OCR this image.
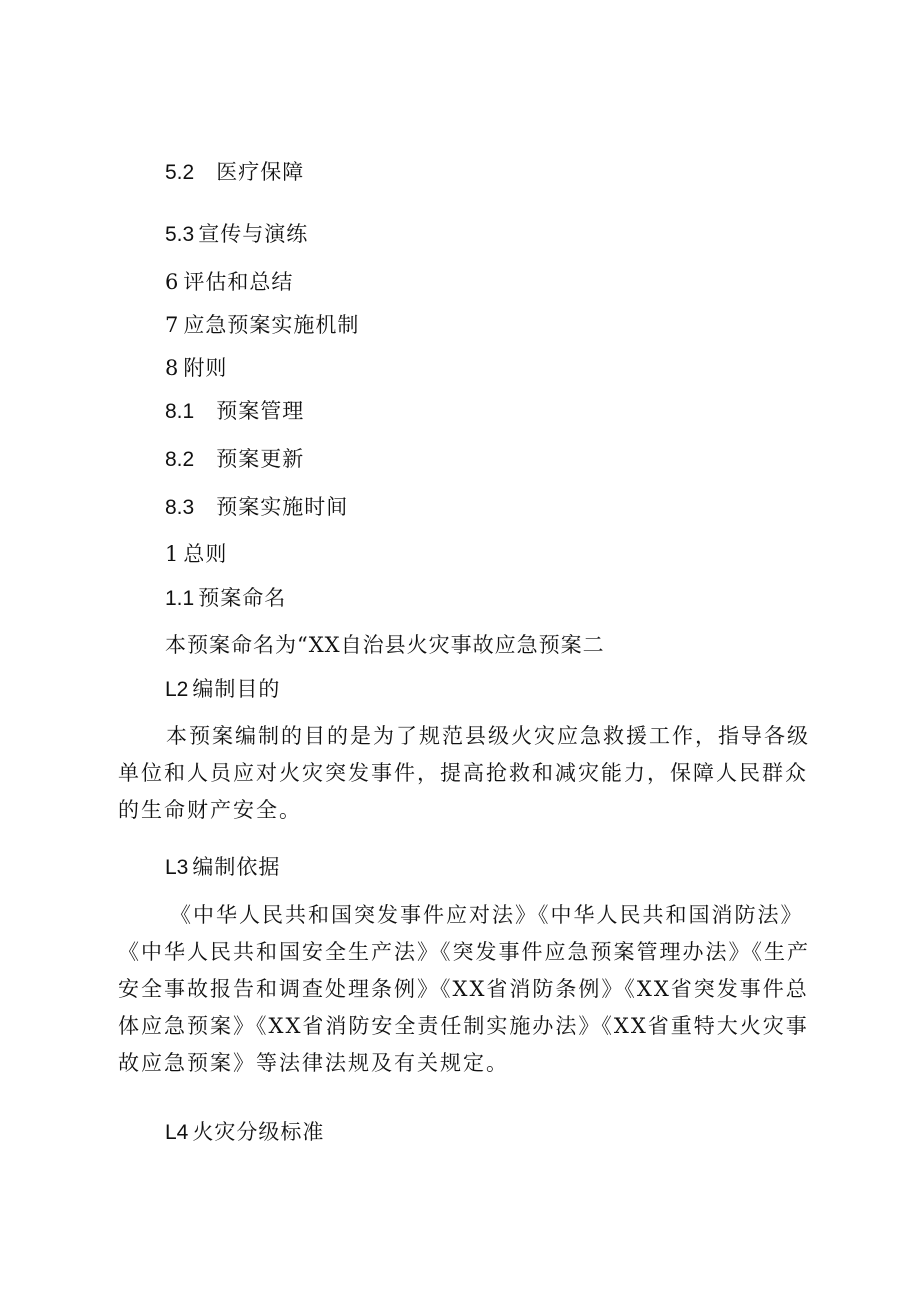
5.2 医疗保障
5.3 宣传与演练
6 评估和总结
7 应急预案实施机制
8 附则
8.1 预案管理
8.2 预案更新
8.3 预案实施时间
1 总则
1.1 预案命名
本预案命名为“XX自治县火灾事故应急预案二
L2 编制目的
本预案编制的目的是为了规范县级火灾应急救援工作，指导各级单位和人员应对火灾突发事件，提高抢救和减灾能力，保障人民群众的生命财产安全。
L3 编制依据
《中华人民共和国突发事件应对法》《中华人民共和国消防法》《中华人民共和国安全生产法》《突发事件应急预案管理办法》《生产安全事故报告和调查处理条例》《XX省消防条例》《XX省突发事件总体应急预案》《XX省消防安全责任制实施办法》《XX省重特大火灾事故应急预案》等法律法规及有关规定。
L4 火灾分级标准
